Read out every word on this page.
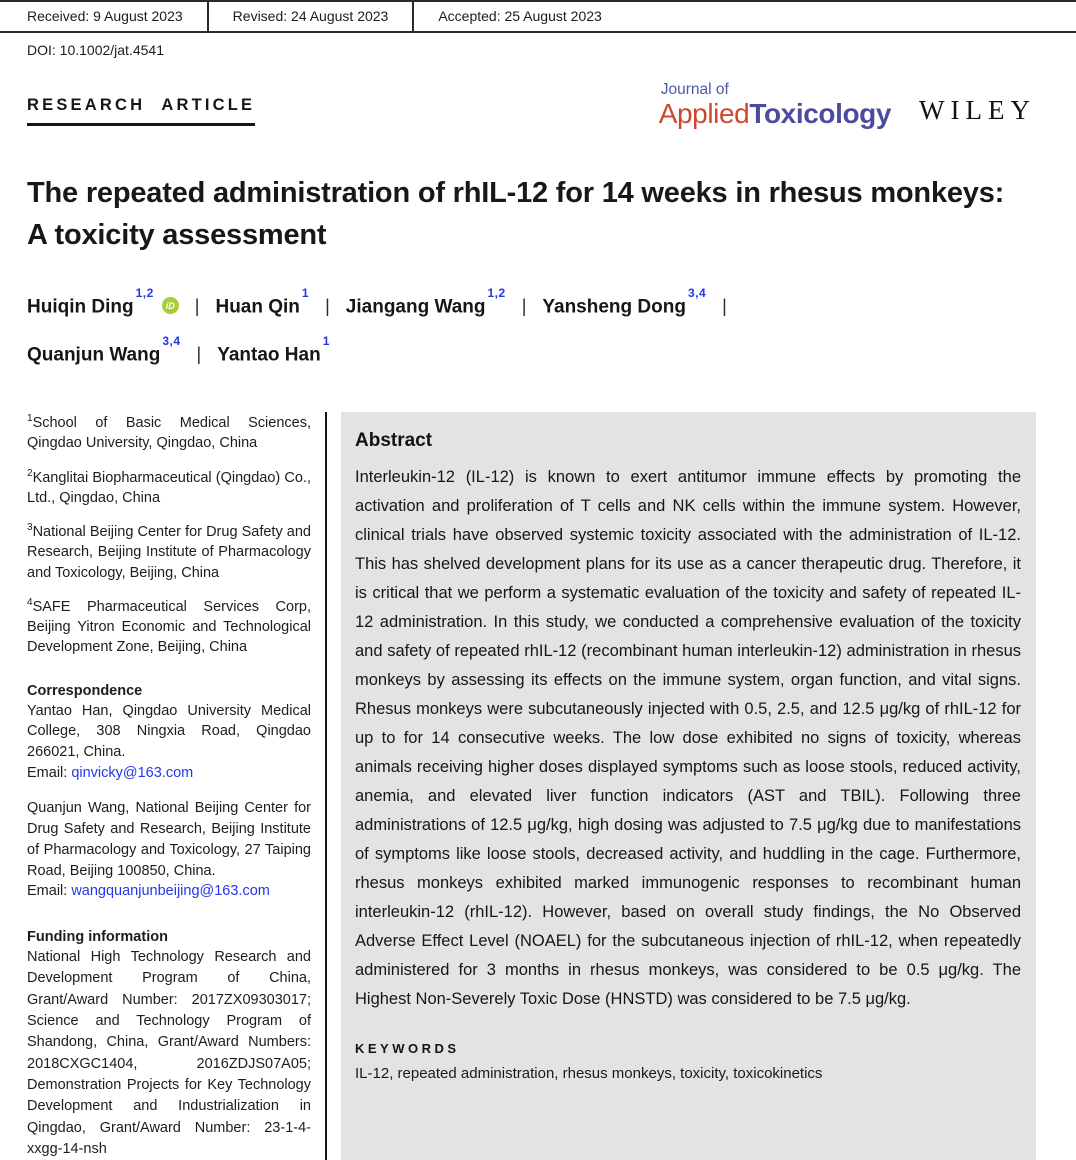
Received: 9 August 2023	Revised: 24 August 2023	Accepted: 25 August 2023
DOI: 10.1002/jat.4541
RESEARCH ARTICLE
Journal of
AppliedToxicology WILEY
The repeated administration of rhIL-12 for 14 weeks in rhesus monkeys: A toxicity assessment
Huiqin Ding$^{1,2}$
iD | Huan Qin$^1$
| Jiangang Wang$^{1,2}$
| Yansheng Dong$^{3,4}$
|
Quanjun Wang$^{3,4}$
| Yantao Han$^1$
$^1$School of Basic Medical Sciences, Qingdao University, Qingdao, China
$^2$Kanglitai Biopharmaceutical (Qingdao) Co., Ltd., Qingdao, China
$^3$National Beijing Center for Drug Safety and Research, Beijing Institute of Pharmacology and Toxicology, Beijing, China
$^4$SAFE Pharmaceutical Services Corp, Beijing Yitron Economic and Technological Development Zone, Beijing, China
Correspondence
Yantao Han, Qingdao University Medical College, 308 Ningxia Road, Qingdao 266021, China.
Email: qinvicky@163.com
Quanjun Wang, National Beijing Center for Drug Safety and Research, Beijing Institute of Pharmacology and Toxicology, 27 Taiping Road, Beijing 100850, China.
Email: wangquanjunbeijing@163.com
Funding information
National High Technology Research and Development Program of China, Grant/Award Number: 2017ZX09303017; Science and Technology Program of Shandong, China, Grant/Award Numbers: 2018CXGC1404, 2016ZDJS07A05; Demonstration Projects for Key Technology Development and Industrialization in Qingdao, Grant/Award Number: 23-1-4-xxgg-14-nsh
Abstract
Interleukin-12 (IL-12) is known to exert antitumor immune effects by promoting the activation and proliferation of T cells and NK cells within the immune system. However, clinical trials have observed systemic toxicity associated with the administration of IL-12. This has shelved development plans for its use as a cancer therapeutic drug. Therefore, it is critical that we perform a systematic evaluation of the toxicity and safety of repeated IL-12 administration. In this study, we conducted a comprehensive evaluation of the toxicity and safety of repeated rhIL-12 (recombinant human interleukin-12) administration in rhesus monkeys by assessing its effects on the immune system, organ function, and vital signs. Rhesus monkeys were subcutaneously injected with 0.5, 2.5, and 12.5 μg/kg of rhIL-12 for up to for 14 consecutive weeks. The low dose exhibited no signs of toxicity, whereas animals receiving higher doses displayed symptoms such as loose stools, reduced activity, anemia, and elevated liver function indicators (AST and TBIL). Following three administrations of 12.5 μg/kg, high dosing was adjusted to 7.5 μg/kg due to manifestations of symptoms like loose stools, decreased activity, and huddling in the cage. Furthermore, rhesus monkeys exhibited marked immunogenic responses to recombinant human interleukin-12 (rhIL-12). However, based on overall study findings, the No Observed Adverse Effect Level (NOAEL) for the subcutaneous injection of rhIL-12, when repeatedly administered for 3 months in rhesus monkeys, was considered to be 0.5 μg/kg. The Highest Non-Severely Toxic Dose (HNSTD) was considered to be 7.5 μg/kg.
KEYWORDS
IL-12, repeated administration, rhesus monkeys, toxicity, toxicokinetics
